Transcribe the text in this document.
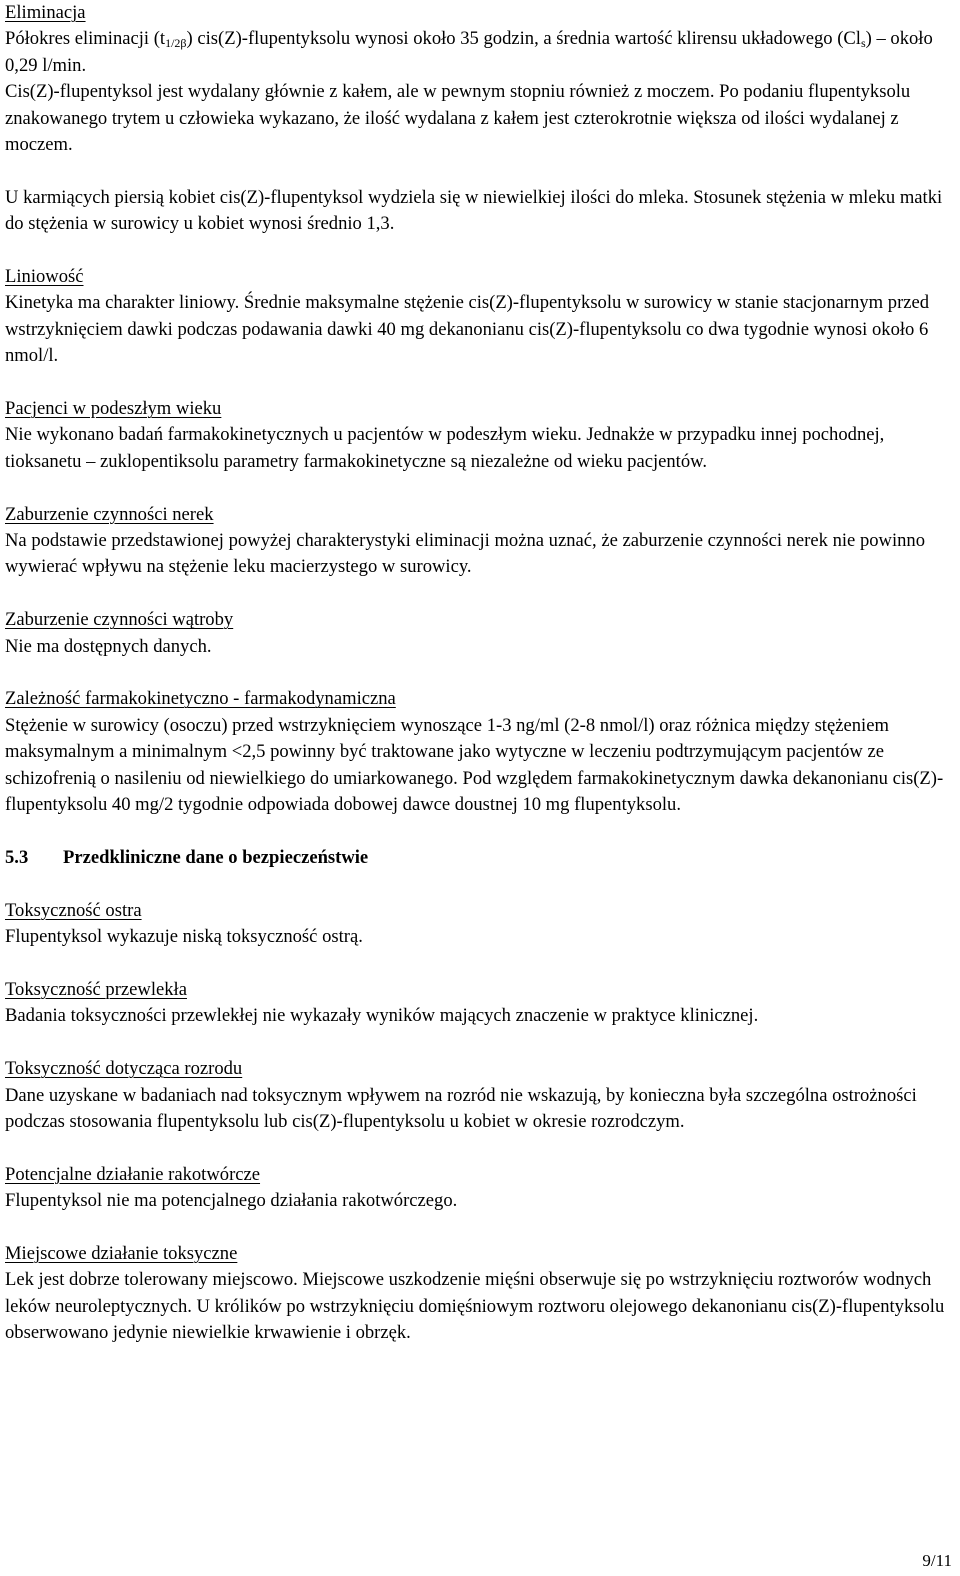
Eliminacja

Półokres eliminacji $(t_{1/2\beta})$ cis(Z)-flupentyksolu wynosi około 35 godzin, a średnia wartość klirensu układowego $(Cl_s)$ – około 0,29 l/min.

Cis(Z)-flupentyksol jest wydalany głównie z kałem, ale w pewnym stopniu również z moczem. Po podaniu flupentyksolu znakowanego trytem u człowieka wykazano, że ilość wydalana z kałem jest czterokrotnie większa od ilości wydalanej z moczem.

U karmiących piersią kobiet cis(Z)-flupentyksol wydziela się w niewielkiej ilości do mleka. Stosunek stężenia w mleku matki do stężenia w surowicy u kobiet wynosi średnio 1,3.

Liniowość

Kinetyka ma charakter liniowy. Średnie maksymalne stężenie cis(Z)-flupentyksolu w surowicy w stanie stacjonarnym przed wstrzyknięciem dawki podczas podawania dawki 40 mg dekanonianu cis(Z)-flupentyksolu co dwa tygodnie wynosi około 6 nmol/l.

Pacjenci w podeszłym wieku

Nie wykonano badań farmakokinetycznych u pacjentów w podeszłym wieku. Jednakże w przypadku innej pochodnej, tioksanetu – zuklopentiksolu parametry farmakokinetyczne są niezależne od wieku pacjentów.

Zaburzenie czynności nerek

Na podstawie przedstawionej powyżej charakterystyki eliminacji można uznać, że zaburzenie czynności nerek nie powinno wywierać wpływu na stężenie leku macierzystego w surowicy.

Zaburzenie czynności wątroby

Nie ma dostępnych danych.

Zależność farmakokinetyczno - farmakodynamiczna

Stężenie w surowicy (osoczu) przed wstrzyknięciem wynoszące 1-3 ng/ml (2-8 nmol/l) oraz różnica między stężeniem maksymalnym a minimalnym <2,5 powinny być traktowane jako wytyczne w leczeniu podtrzymującym pacjentów ze schizofrenią o nasileniu od niewielkiego do umiarkowanego. Pod względem farmakokinetycznym dawka dekanonianu cis(Z)-flupentyksolu 40 mg/2 tygodnie odpowiada dobowej dawce doustnej 10 mg flupentyksolu.

5.3 Przedkliniczne dane o bezpieczeństwie
Toksyczność ostra

Flupentyksol wykazuje niską toksyczność ostrą.

Toksyczność przewlekła

Badania toksyczności przewlekłej nie wykazały wyników mających znaczenie w praktyce klinicznej.

Toksyczność dotycząca rozrodu

Dane uzyskane w badaniach nad toksycznym wpływem na rozród nie wskazują, by konieczna była szczególna ostrożności podczas stosowania flupentyksolu lub cis(Z)-flupentyksolu u kobiet w okresie rozrodczym.

Potencjalne działanie rakotwórcze

Flupentyksol nie ma potencjalnego działania rakotwórczego.

Miejscowe działanie toksyczne

Lek jest dobrze tolerowany miejscowo. Miejscowe uszkodzenie mięśni obserwuje się po wstrzyknięciu roztworów wodnych leków neuroleptycznych. U królików po wstrzyknięciu domięśniowym roztworu olejowego dekanonianu cis(Z)-flupentyksolu obserwowano jedynie niewielkie krwawienie i obrzęk.

9/11
